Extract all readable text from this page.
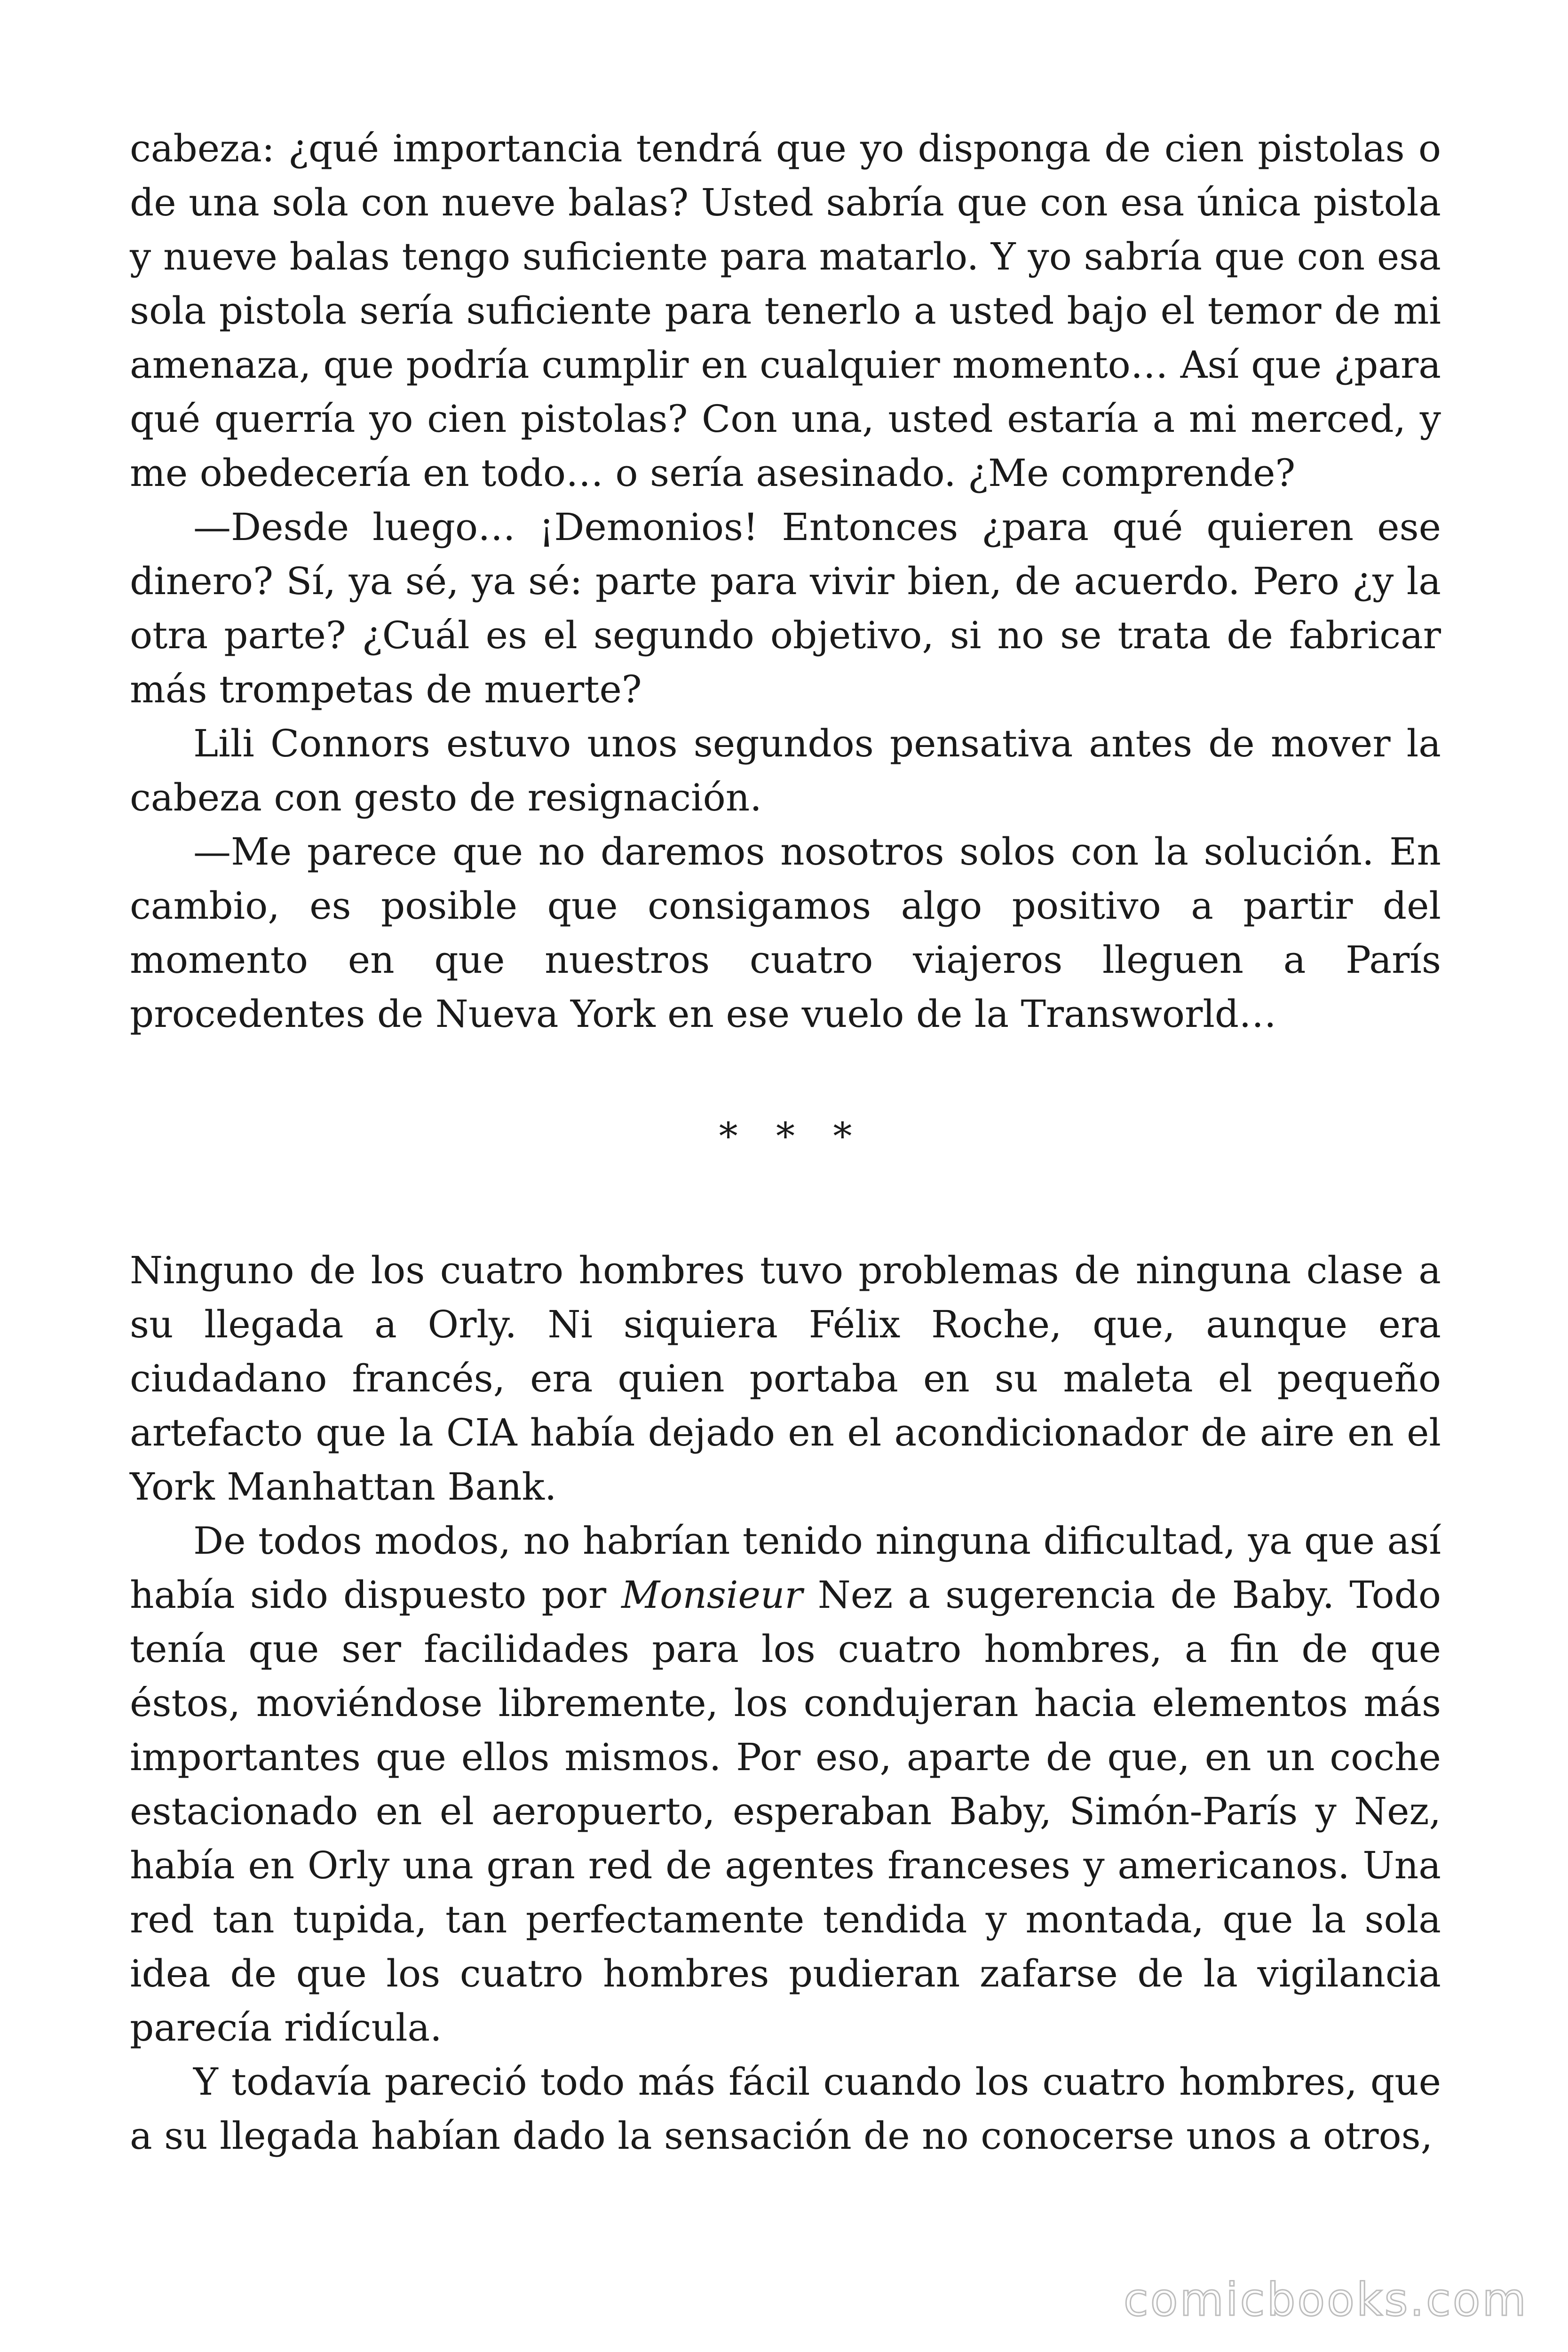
cabeza: ¿qué importancia tendrá que yo disponga de cien pistolas o de una sola con nueve balas? Usted sabría que con esa única pistola y nueve balas tengo suficiente para matarlo. Y yo sabría que con esa sola pistola sería suficiente para tenerlo a usted bajo el temor de mi amenaza, que podría cumplir en cualquier momento… Así que ¿para qué querría yo cien pistolas? Con una, usted estaría a mi merced, y me obedecería en todo… o sería asesinado. ¿Me comprende?

—Desde luego… ¡Demonios! Entonces ¿para qué quieren ese dinero? Sí, ya sé, ya sé: parte para vivir bien, de acuerdo. Pero ¿y la otra parte? ¿Cuál es el segundo objetivo, si no se trata de fabricar más trompetas de muerte?

Lili Connors estuvo unos segundos pensativa antes de mover la cabeza con gesto de resignación.

—Me parece que no daremos nosotros solos con la solución. En cambio, es posible que consigamos algo positivo a partir del momento en que nuestros cuatro viajeros lleguen a París procedentes de Nueva York en ese vuelo de la Transworld…

* * *

Ninguno de los cuatro hombres tuvo problemas de ninguna clase a su llegada a Orly. Ni siquiera Félix Roche, que, aunque era ciudadano francés, era quien portaba en su maleta el pequeño artefacto que la CIA había dejado en el acondicionador de aire en el York Manhattan Bank.

De todos modos, no habrían tenido ninguna dificultad, ya que así había sido dispuesto por Monsieur Nez a sugerencia de Baby. Todo tenía que ser facilidades para los cuatro hombres, a fin de que éstos, moviéndose libremente, los condujeran hacia elementos más importantes que ellos mismos. Por eso, aparte de que, en un coche estacionado en el aeropuerto, esperaban Baby, Simón-París y Nez, había en Orly una gran red de agentes franceses y americanos. Una red tan tupida, tan perfectamente tendida y montada, que la sola idea de que los cuatro hombres pudieran zafarse de la vigilancia parecía ridícula.

Y todavía pareció todo más fácil cuando los cuatro hombres, que a su llegada habían dado la sensación de no conocerse unos a otros,

comicbooks.com
